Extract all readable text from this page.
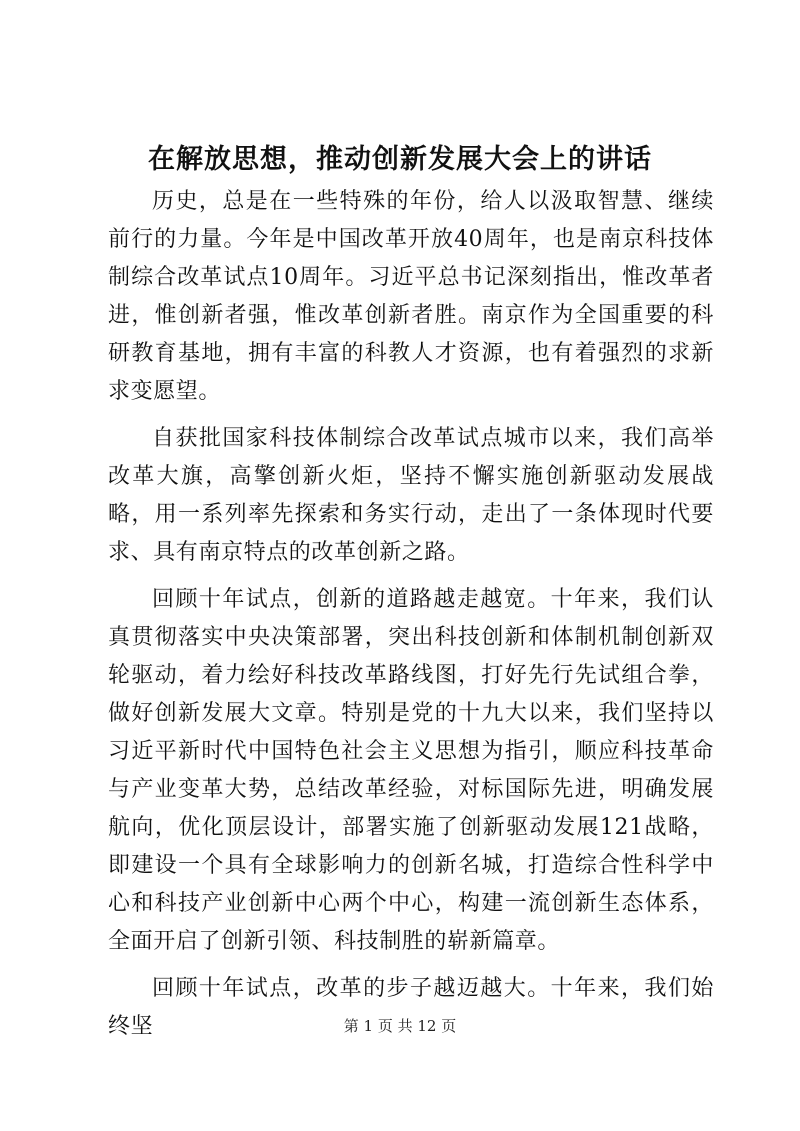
在解放思想，推动创新发展大会上的讲话

历史，总是在一些特殊的年份，给人以汲取智慧、继续前行的力量。今年是中国改革开放40周年，也是南京科技体制综合改革试点10周年。习近平总书记深刻指出，惟改革者进，惟创新者强，惟改革创新者胜。南京作为全国重要的科研教育基地，拥有丰富的科教人才资源，也有着强烈的求新求变愿望。

自获批国家科技体制综合改革试点城市以来，我们高举改革大旗，高擎创新火炬，坚持不懈实施创新驱动发展战略，用一系列率先探索和务实行动，走出了一条体现时代要求、具有南京特点的改革创新之路。

回顾十年试点，创新的道路越走越宽。十年来，我们认真贯彻落实中央决策部署，突出科技创新和体制机制创新双轮驱动，着力绘好科技改革路线图，打好先行先试组合拳，做好创新发展大文章。特别是党的十九大以来，我们坚持以习近平新时代中国特色社会主义思想为指引，顺应科技革命与产业变革大势，总结改革经验，对标国际先进，明确发展航向，优化顶层设计，部署实施了创新驱动发展121战略，即建设一个具有全球影响力的创新名城，打造综合性科学中心和科技产业创新中心两个中心，构建一流创新生态体系，全面开启了创新引领、科技制胜的崭新篇章。

回顾十年试点，改革的步子越迈越大。十年来，我们始终坚	第 1 页 共 12 页
